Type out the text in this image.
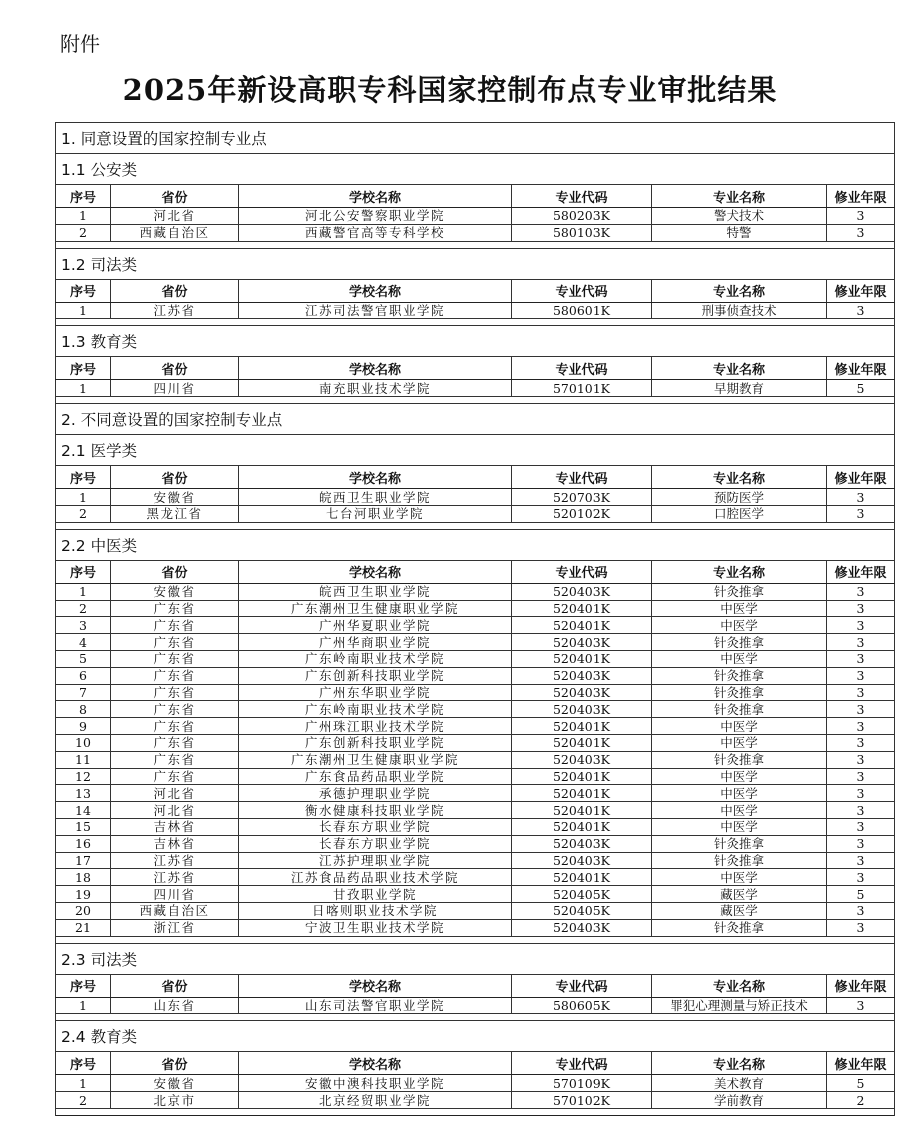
附件
2025年新设高职专科国家控制布点专业审批结果
1. 同意设置的国家控制专业点					
1.1 公安类					
序号	省份	学校名称	专业代码	专业名称	修业年限
1	河北省	河北公安警察职业学院	580203K	警犬技术	3
2	西藏自治区	西藏警官高等专科学校	580103K	特警	3

1.2 司法类					
序号	省份	学校名称	专业代码	专业名称	修业年限
1	江苏省	江苏司法警官职业学院	580601K	刑事侦查技术	3

1.3 教育类					
序号	省份	学校名称	专业代码	专业名称	修业年限
1	四川省	南充职业技术学院	570101K	早期教育	5

2. 不同意设置的国家控制专业点					
2.1 医学类					
序号	省份	学校名称	专业代码	专业名称	修业年限
1	安徽省	皖西卫生职业学院	520703K	预防医学	3
2	黑龙江省	七台河职业学院	520102K	口腔医学	3

2.2 中医类					
序号	省份	学校名称	专业代码	专业名称	修业年限
1	安徽省	皖西卫生职业学院	520403K	针灸推拿	3
2	广东省	广东潮州卫生健康职业学院	520401K	中医学	3
3	广东省	广州华夏职业学院	520401K	中医学	3
4	广东省	广州华商职业学院	520403K	针灸推拿	3
5	广东省	广东岭南职业技术学院	520401K	中医学	3
6	广东省	广东创新科技职业学院	520403K	针灸推拿	3
7	广东省	广州东华职业学院	520403K	针灸推拿	3
8	广东省	广东岭南职业技术学院	520403K	针灸推拿	3
9	广东省	广州珠江职业技术学院	520401K	中医学	3
10	广东省	广东创新科技职业学院	520401K	中医学	3
11	广东省	广东潮州卫生健康职业学院	520403K	针灸推拿	3
12	广东省	广东食品药品职业学院	520401K	中医学	3
13	河北省	承德护理职业学院	520401K	中医学	3
14	河北省	衡水健康科技职业学院	520401K	中医学	3
15	吉林省	长春东方职业学院	520401K	中医学	3
16	吉林省	长春东方职业学院	520403K	针灸推拿	3
17	江苏省	江苏护理职业学院	520403K	针灸推拿	3
18	江苏省	江苏食品药品职业技术学院	520401K	中医学	3
19	四川省	甘孜职业学院	520405K	藏医学	5
20	西藏自治区	日喀则职业技术学院	520405K	藏医学	3
21	浙江省	宁波卫生职业技术学院	520403K	针灸推拿	3

2.3 司法类					
序号	省份	学校名称	专业代码	专业名称	修业年限
1	山东省	山东司法警官职业学院	580605K	罪犯心理测量与矫正技术	3

2.4 教育类					
序号	省份	学校名称	专业代码	专业名称	修业年限
1	安徽省	安徽中澳科技职业学院	570109K	美术教育	5
2	北京市	北京经贸职业学院	570102K	学前教育	2
